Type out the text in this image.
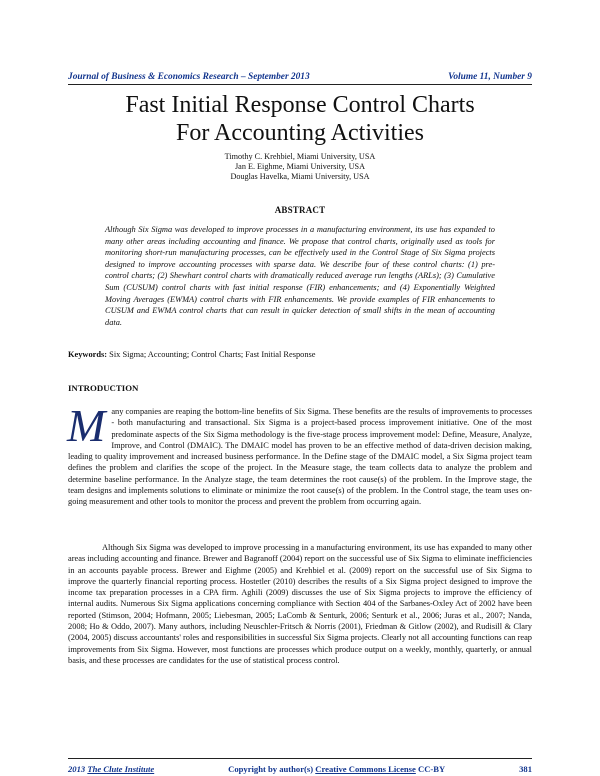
Journal of Business & Economics Research – September 2013	Volume 11, Number 9
Fast Initial Response Control Charts
For Accounting Activities
Timothy C. Krehbiel, Miami University, USA
Jan E. Eighme, Miami University, USA
Douglas Havelka, Miami University, USA
ABSTRACT

Although Six Sigma was developed to improve processes in a manufacturing environment, its use has expanded to many other areas including accounting and finance. We propose that control charts, originally used as tools for monitoring short-run manufacturing processes, can be effectively used in the Control Stage of Six Sigma projects designed to improve accounting processes with sparse data. We describe four of these control charts: (1) pre-control charts; (2) Shewhart control charts with dramatically reduced average run lengths (ARLs); (3) Cumulative Sum (CUSUM) control charts with fast initial response (FIR) enhancements; and (4) Exponentially Weighted Moving Averages (EWMA) control charts with FIR enhancements. We provide examples of FIR enhancements to CUSUM and EWMA control charts that can result in quicker detection of small shifts in the mean of accounting data.

Keywords: Six Sigma; Accounting; Control Charts; Fast Initial Response
INTRODUCTION

Many companies are reaping the bottom-line benefits of Six Sigma. These benefits are the results of improvements to processes - both manufacturing and transactional. Six Sigma is a project-based process improvement initiative. One of the most predominate aspects of the Six Sigma methodology is the five-stage process improvement model: Define, Measure, Analyze, Improve, and Control (DMAIC). The DMAIC model has proven to be an effective method of data-driven decision making, leading to quality improvement and increased business performance. In the Define stage of the DMAIC model, a Six Sigma project team defines the problem and clarifies the scope of the project. In the Measure stage, the team collects data to analyze the problem and determine baseline performance. In the Analyze stage, the team determines the root cause(s) of the problem. In the Improve stage, the team designs and implements solutions to eliminate or minimize the root cause(s) of the problem. In the Control stage, the team uses on-going measurement and other tools to monitor the process and prevent the problem from occurring again.

Although Six Sigma was developed to improve processing in a manufacturing environment, its use has expanded to many other areas including accounting and finance. Brewer and Bagranoff (2004) report on the successful use of Six Sigma to eliminate inefficiencies in an accounts payable process. Brewer and Eighme (2005) and Krehbiel et al. (2009) report on the successful use of Six Sigma to improve the quarterly financial reporting process. Hostetler (2010) describes the results of a Six Sigma project designed to improve the income tax preparation processes in a CPA firm. Aghili (2009) discusses the use of Six Sigma projects to improve the efficiency of internal audits. Numerous Six Sigma applications concerning compliance with Section 404 of the Sarbanes-Oxley Act of 2002 have been reported (Stimson, 2004; Hofmann, 2005; Liebesman, 2005; LaComb & Senturk, 2006; Senturk et al., 2006; Juras et al., 2007; Nanda, 2008; Ho & Oddo, 2007). Many authors, including Neuschler-Fritsch & Norris (2001), Friedman & Gitlow (2002), and Rudisill & Clary (2004, 2005) discuss accountants' roles and responsibilities in successful Six Sigma projects. Clearly not all accounting functions can reap improvements from Six Sigma. However, most functions are processes which produce output on a weekly, monthly, quarterly, or annual basis, and these processes are candidates for the use of statistical process control.

2013 The Clute Institute	Copyright by author(s) Creative Commons License CC-BY	381
